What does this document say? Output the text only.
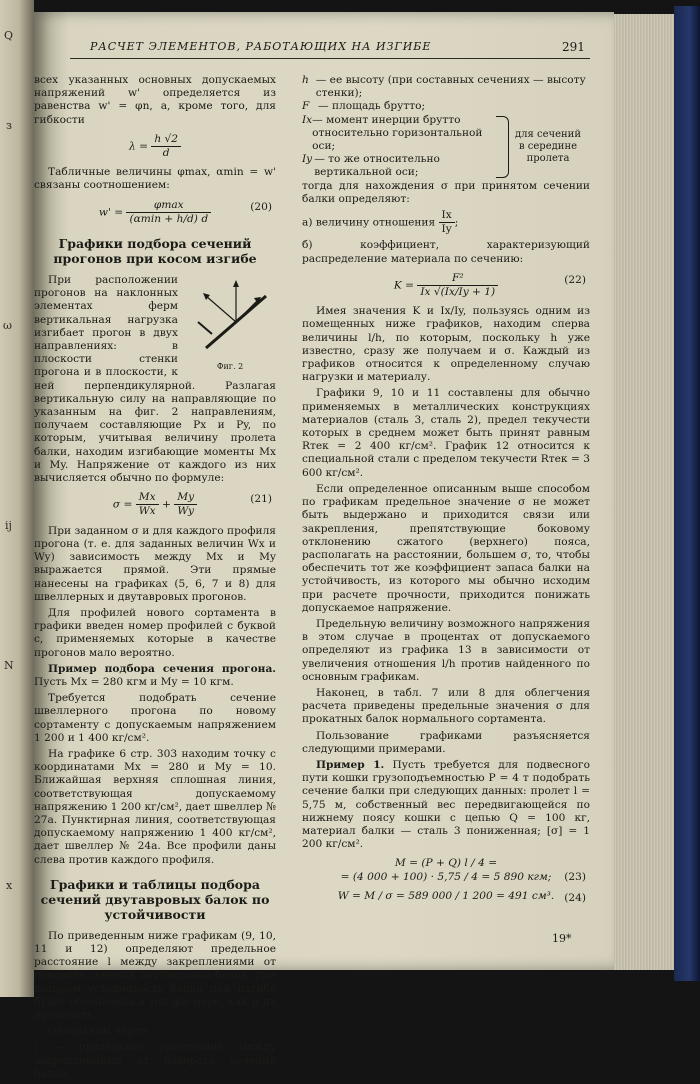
Q
з
ω
ij
N
x
РАСЧЕТ ЭЛЕМЕНТОВ, РАБОТАЮЩИХ НА ИЗГИБЕ	291

всех указанных основных допускаемых напряжений w' определяется из равенства w' = φn, а, кроме того, для гибкости

$\lambda = \frac{h √2}{d}$

Табличные величины φmax, αmin = w' связаны соотношением:

$w' = \frac{\varphi\max}{(\alpha\min + h/d) d}$	(20)
Графики подбора сечений прогонов при косом изгибе
Фиг. 2

При расположении прогонов на наклонных элементах ферм вертикальная нагрузка изгибает прогон в двух направлениях: в плоскости стенки прогона и в плоскости, к ней перпендикулярной. Разлагая вертикальную силу на направляющие по указанным на фиг. 2 направлениям, получаем составляющие Px и Py, по которым, учитывая величину пролета балки, находим изгибающие моменты Mx и My. Напряжение от каждого из них вычисляется обычно по формуле:

$\sigma = \frac{Mx}{Wx} + \frac{My}{Wy}$	(21)

При заданном σ и для каждого профиля прогона (т. е. для заданных величин Wx и Wy) зависимость между Mx и My выражается прямой. Эти прямые нанесены на графиках (5, 6, 7 и 8) для швеллерных и двутавровых прогонов.

Для профилей нового сортамента в графики введен номер профилей с буквой с, применяемых которые в качестве прогонов мало вероятно.

Пример подбора сечения прогона. Пусть Mx = 280 кгм и My = 10 кгм.

Требуется подобрать сечение швеллерного прогона по новому сортаменту с допускаемым напряжением 1 200 и 1 400 кг/см².

На графике 6 стр. 303 находим точку с координатами Mx = 280 и My = 10. Ближайшая верхняя сплошная линия, соответствующая допускаемому напряжению 1 200 кг/см², дает швеллер № 27а. Пунктирная линия, соответствующая допускаемому напряжению 1 400 кг/см², дает швеллер № 24а. Все профили даны слева против каждого профиля.

Графики и таблицы подбора сечений двутавровых балок по устойчивости

По приведенным ниже графикам (9, 10, 11 и 12) определяют предельное расстояние l между закреплениями от поворота сечения двутавровых балок, при котором устойчивость балки при изгибе будет обеспечена в той же мере, как и их прочность.

Обозначим через:

l — предельное расстояние между закреплениями от поворота сечения балки;

h — ее высоту (при составных сечениях — высоту стенки);
F — площадь брутто;
Ix — момент инерции брутто относительно горизонтальной оси;
Iy — то же относительно вертикальной оси;
для сечений в середине пролета

тогда для нахождения σ при принятом сечении балки определяют:

а) величину отношения $\frac{Ix}{Iy}$ ;

б) коэффициент, характеризующий распределение материала по сечению:

$K = \frac{\text{F²}}{Ix √(Ix/Iy + 1)}$	(22)

Имея значения K и Ix/Iy, пользуясь одним из помещенных ниже графиков, находим сперва величины l/h, по которым, поскольку h уже известно, сразу же получаем и σ. Каждый из графиков относится к определенному случаю нагрузки и материалу.

Графики 9, 10 и 11 составлены для обычно применяемых в металлических конструкциях материалов (сталь 3, сталь 2), предел текучести которых в среднем может быть принят равным Rтек = 2 400 кг/см². График 12 относится к специальной стали с пределом текучести Rтек = 3 600 кг/см².

Если определенное описанным выше способом по графикам предельное значение σ не может быть выдержано и приходится связи или закрепления, препятствующие боковому отклонению сжатого (верхнего) пояса, располагать на расстоянии, большем σ, то, чтобы обеспечить тот же коэффициент запаса балки на устойчивость, из которого мы обычно исходим при расчете прочности, приходится понижать допускаемое напряжение.

Предельную величину возможного напряжения в этом случае в процентах от допускаемого определяют из графика 13 в зависимости от увеличения отношения l/h против найденного по основным графикам.

Наконец, в табл. 7 или 8 для облегчения расчета приведены предельные значения σ для прокатных балок нормального сортамента.

Пользование графиками разъясняется следующими примерами.

Пример 1. Пусть требуется для подвесного пути кошки грузоподъемностью P = 4 т подобрать сечение балки при следующих данных: пролет l = 5,75 м, собственный вес передвигающейся по нижнему поясу кошки с цепью Q = 100 кг, материал балки — сталь 3 пониженная; [σ] = 1 200 кг/см².

M = (P + Q) l / 4 =
= (4 000 + 100) · 5,75 / 4 = 5 890 кгм;	(23)
W = M / σ = 589 000 / 1 200 = 491 см³. (24)
19*
